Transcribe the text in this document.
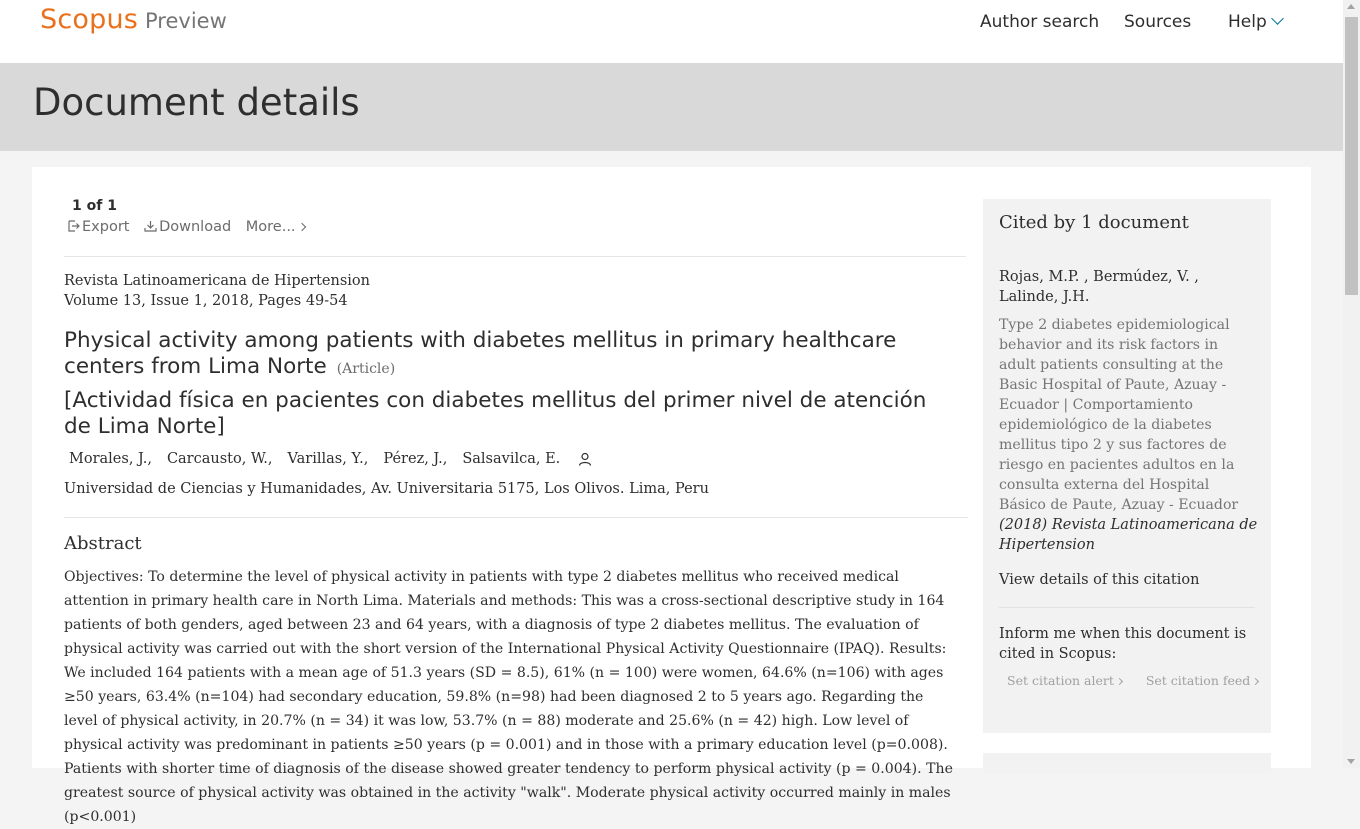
Scopus Preview	Author search Sources Help
Document details
1 of 1
Export Download More...
Revista Latinoamericana de Hipertension
Volume 13, Issue 1, 2018, Pages 49-54
Physical activity among patients with diabetes mellitus in primary healthcare centers from Lima Norte (Article)
[Actividad física en pacientes con diabetes mellitus del primer nivel de atención de Lima Norte]
Morales, J., Carcausto, W., Varillas, Y., Pérez, J., Salsavilca, E.
Universidad de Ciencias y Humanidades, Av. Universitaria 5175, Los Olivos. Lima, Peru
Abstract
Objectives: To determine the level of physical activity in patients with type 2 diabetes mellitus who received medical attention in primary health care in North Lima. Materials and methods: This was a cross-sectional descriptive study in 164 patients of both genders, aged between 23 and 64 years, with a diagnosis of type 2 diabetes mellitus. The evaluation of physical activity was carried out with the short version of the International Physical Activity Questionnaire (IPAQ). Results: We included 164 patients with a mean age of 51.3 years (SD = 8.5), 61% (n = 100) were women, 64.6% (n=106) with ages ≥50 years, 63.4% (n=104) had secondary education, 59.8% (n=98) had been diagnosed 2 to 5 years ago. Regarding the level of physical activity, in 20.7% (n = 34) it was low, 53.7% (n = 88) moderate and 25.6% (n = 42) high. Low level of physical activity was predominant in patients ≥50 years (p = 0.001) and in those with a primary education level (p=0.008). Patients with shorter time of diagnosis of the disease showed greater tendency to perform physical activity (p = 0.004). The greatest source of physical activity was obtained in the activity "walk". Moderate physical activity occurred mainly in males (p<0.001)
Cited by 1 document
Rojas, M.P. , Bermúdez, V. , Lalinde, J.H.
Type 2 diabetes epidemiological behavior and its risk factors in adult patients consulting at the Basic Hospital of Paute, Azuay - Ecuador | Comportamiento epidemiológico de la diabetes mellitus tipo 2 y sus factores de riesgo en pacientes adultos en la consulta externa del Hospital Básico de Paute, Azuay - Ecuador
(2018) Revista Latinoamericana de Hipertension
View details of this citation
Inform me when this document is cited in Scopus:
Set citation alert	Set citation feed
